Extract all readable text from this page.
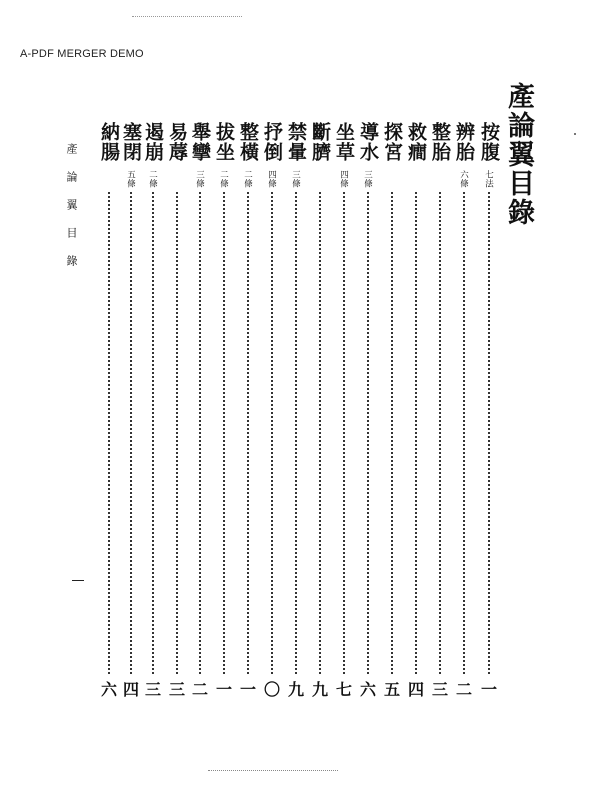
A-PDF MERGER DEMO
產論翼目錄
產論翼目錄
按腹
七法
一
辨胎
六條
二
整胎
三
救癎
四
探宮
五
導水
三條
六
坐草
四條
七
斷臍
九
禁暈
三條
九
抒倒
四條
〇
整橫
二條
一
拔坐
二條
一
舉攣
三條
二
易蓐
三
遏崩
二條
三
塞閉
五條
四
納腸
六
